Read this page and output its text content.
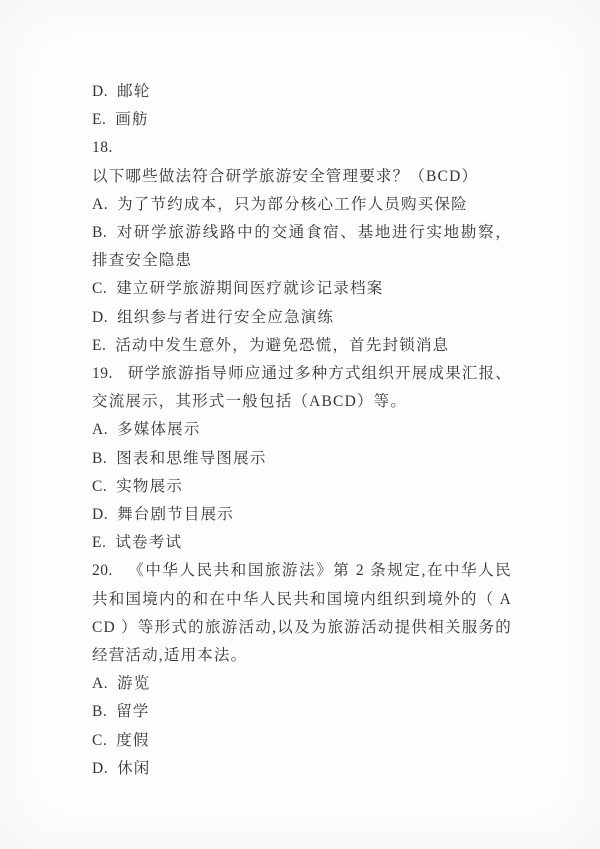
D. 邮轮

E. 画舫

18.以下哪些做法符合研学旅游安全管理要求？（BCD）

A. 为了节约成本，只为部分核心工作人员购买保险

B. 对研学旅游线路中的交通食宿、基地进行实地勘察，排查安全隐患

C. 建立研学旅游期间医疗就诊记录档案

D. 组织参与者进行安全应急演练

E. 活动中发生意外，为避免恐慌，首先封锁消息

19. 研学旅游指导师应通过多种方式组织开展成果汇报、交流展示，其形式一般包括（ABCD）等。

A. 多媒体展示

B. 图表和思维导图展示

C. 实物展示

D. 舞台剧节目展示

E. 试卷考试

20. 《中华人民共和国旅游法》第 2 条规定,在中华人民共和国境内的和在中华人民共和国境内组织到境外的（ ACD ）等形式的旅游活动,以及为旅游活动提供相关服务的经营活动,适用本法。

A. 游览

B. 留学

C. 度假

D. 休闲
